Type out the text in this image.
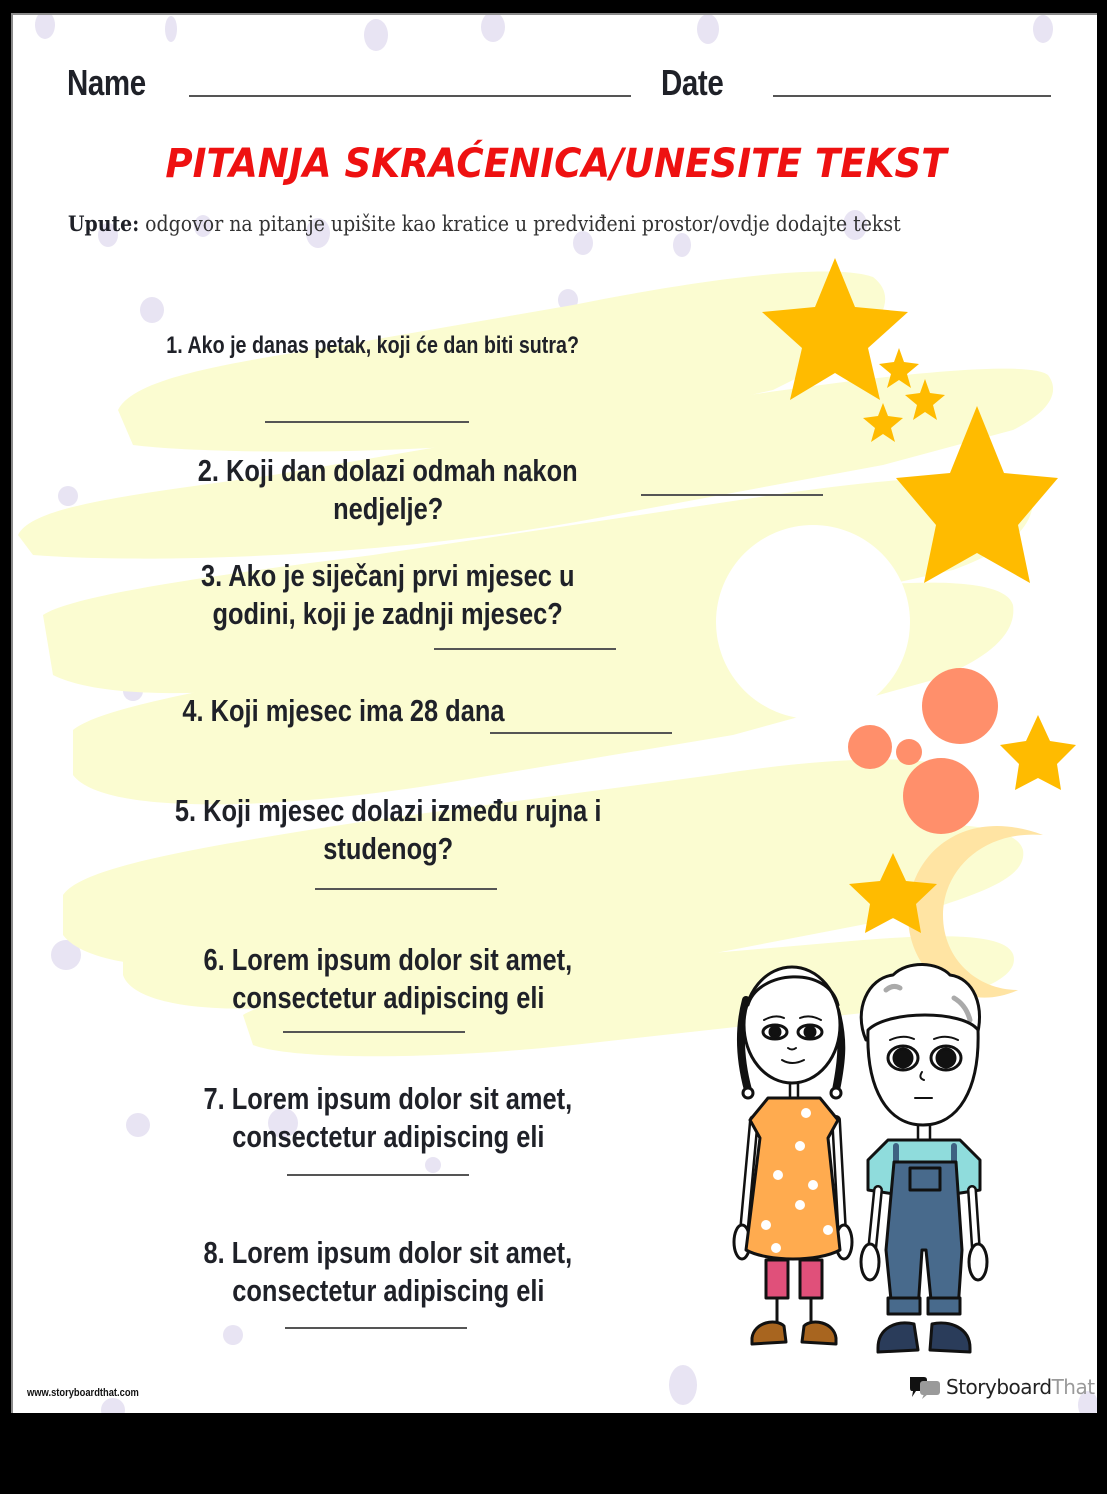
Name	Date
PITANJA SKRAĆENICA/UNESITE TEKST
Upute: odgovor na pitanje upišite kao kratice u predviđeni prostor/ovdje dodajte tekst
1. Ako je danas petak, koji će dan biti sutra?
2. Koji dan dolazi odmah nakon
nedjelje?
3. Ako je siječanj prvi mjesec u
godini, koji je zadnji mjesec?
4. Koji mjesec ima 28 dana
5. Koji mjesec dolazi između rujna i
studenog?
6. Lorem ipsum dolor sit amet,
consectetur adipiscing eli
7. Lorem ipsum dolor sit amet,
consectetur adipiscing eli
8. Lorem ipsum dolor sit amet,
consectetur adipiscing eli
www.storyboardthat.com	StoryboardThat
